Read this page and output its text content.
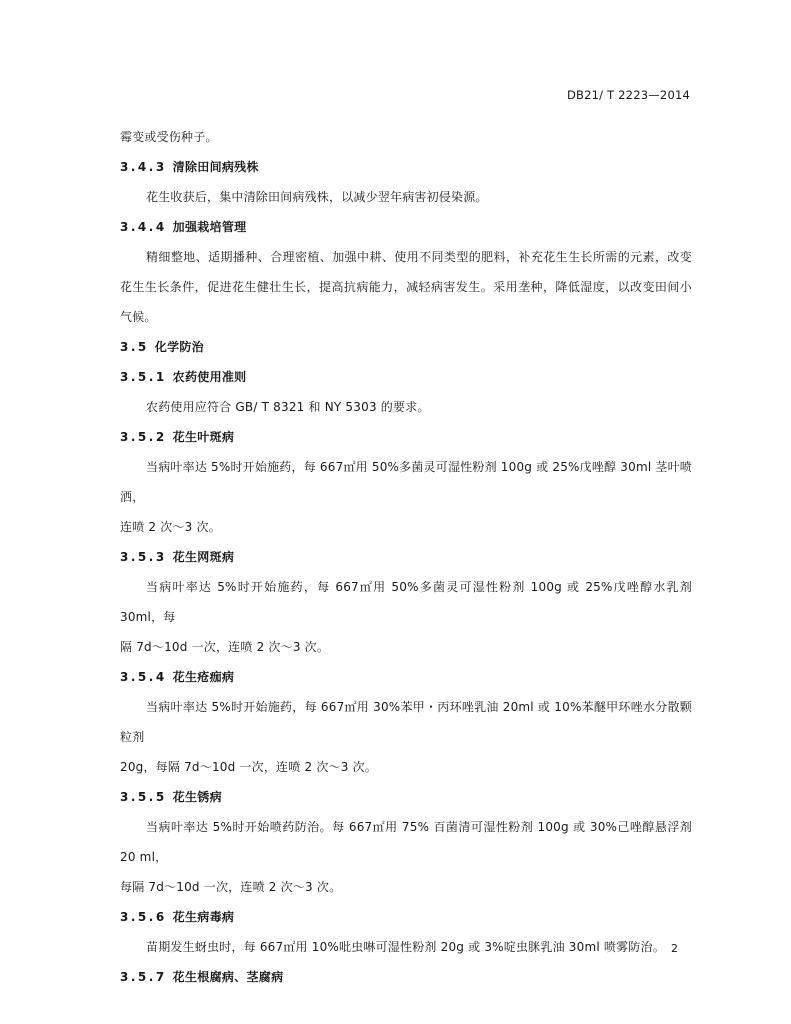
DB21/ T 2223—2014

霉变或受伤种子。

3.4.3 清除田间病残株

花生收获后，集中清除田间病残株，以减少翌年病害初侵染源。

3.4.4 加强栽培管理

精细整地、适期播种、合理密植、加强中耕、使用不同类型的肥料，补充花生生长所需的元素，改变花生生长条件，促进花生健壮生长，提高抗病能力，减轻病害发生。采用垄种，降低湿度，以改变田间小气候。

3.5 化学防治

3.5.1 农药使用准则

农药使用应符合 GB/ T 8321 和 NY 5303 的要求。

3.5.2 花生叶斑病

当病叶率达 5%时开始施药，每 667㎡用 50%多菌灵可湿性粉剂 100g 或 25%戊唑醇 30ml 茎叶喷洒，

连喷 2 次～3 次。

3.5.3 花生网斑病

当病叶率达 5%时开始施药，每 667㎡用 50%多菌灵可湿性粉剂 100g 或 25%戊唑醇水乳剂 30ml，每

隔 7d～10d 一次，连喷 2 次～3 次。

3.5.4 花生疮痂病

当病叶率达 5%时开始施药，每 667㎡用 30%苯甲・丙环唑乳油 20ml 或 10%苯醚甲环唑水分散颗粒剂

20g，每隔 7d～10d 一次，连喷 2 次～3 次。

3.5.5 花生锈病

当病叶率达 5%时开始喷药防治。每 667㎡用 75% 百菌清可湿性粉剂 100g 或 30%己唑醇悬浮剂 20 ml，

每隔 7d～10d 一次，连喷 2 次～3 次。

3.5.6 花生病毒病

苗期发生蚜虫时，每 667㎡用 10%吡虫啉可湿性粉剂 20g 或 3%啶虫脒乳油 30ml 喷雾防治。

3.5.7 花生根腐病、茎腐病

2
